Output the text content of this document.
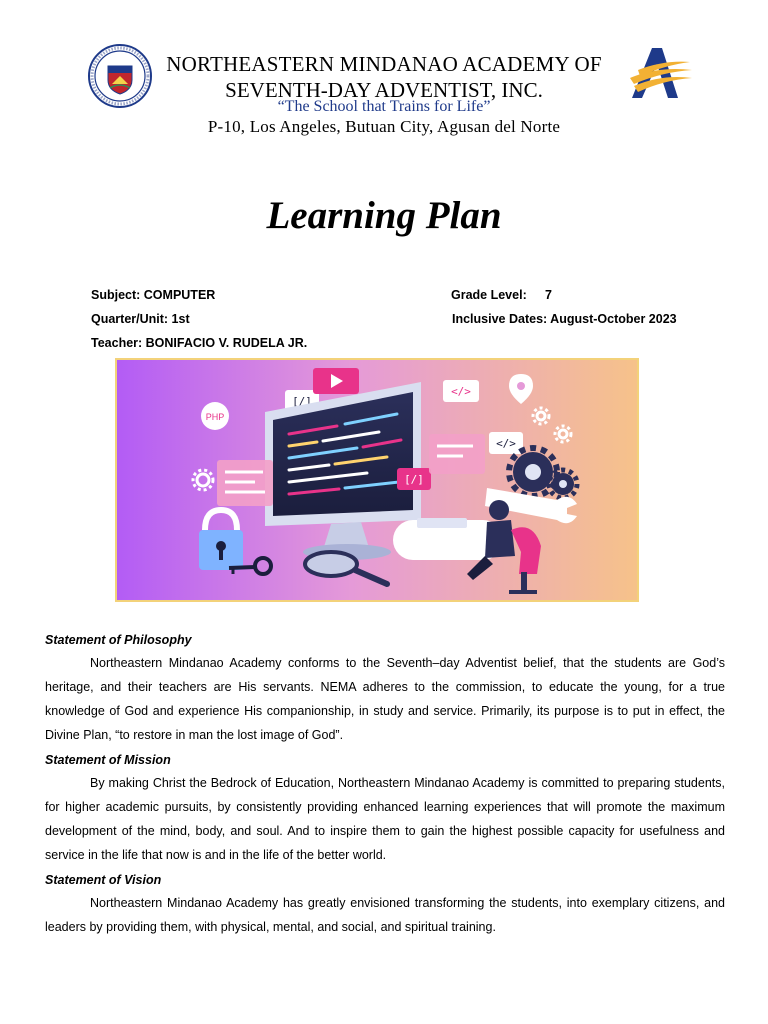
NORTHEASTERN MINDANAO ACADEMY OF
SEVENTH-DAY ADVENTIST, INC.
“The School that Trains for Life”
P-10, Los Angeles, Butuan City, Agusan del Norte
Learning Plan
Subject: COMPUTER	Grade Level: 7
Quarter/Unit: 1st	Inclusive Dates: August-October 2023
Teacher: BONIFACIO V. RUDELA JR.
PHP
[/]
</>
[/]
</>
Statement of Philosophy

Northeastern Mindanao Academy conforms to the Seventh–day Adventist belief, that the students are God’s heritage, and their teachers are His servants. NEMA adheres to the commission, to educate the young, for a true knowledge of God and experience His companionship, in study and service. Primarily, its purpose is to put in effect, the Divine Plan, “to restore in man the lost image of God”.

Statement of Mission

By making Christ the Bedrock of Education, Northeastern Mindanao Academy is committed to preparing students, for higher academic pursuits, by consistently providing enhanced learning experiences that will promote the maximum development of the mind, body, and soul. And to inspire them to gain the highest possible capacity for usefulness and service in the life that now is and in the life of the better world.

Statement of Vision

Northeastern Mindanao Academy has greatly envisioned transforming the students, into exemplary citizens, and leaders by providing them, with physical, mental, and social, and spiritual training.
